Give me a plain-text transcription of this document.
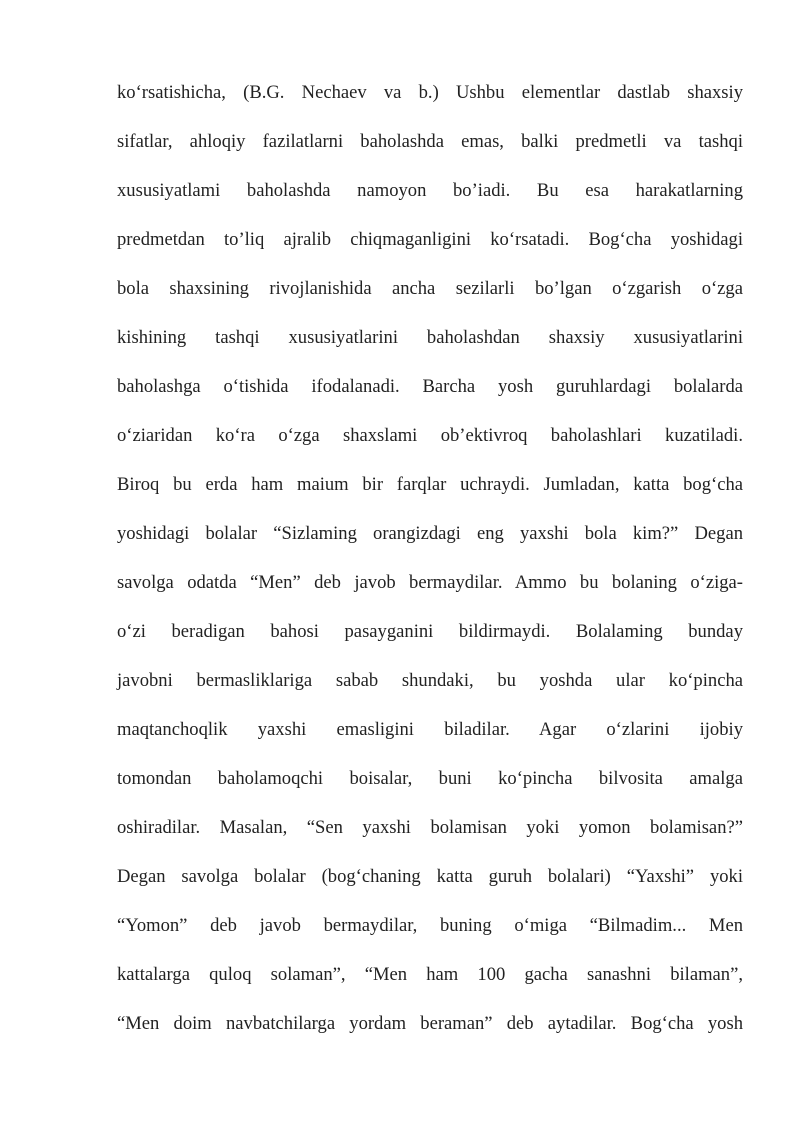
ko‘rsatishicha, (B.G. Nechaev va b.) Ushbu elementlar dastlab shaxsiy
sifatlar, ahloqiy fazilatlarni baholashda emas, balki predmetli va tashqi
xususiyatlami baholashda namoyon bo’iadi. Bu esa harakatlarning
predmetdan to’liq ajralib chiqmaganligini ko‘rsatadi. Bog‘cha yoshidagi
bola shaxsining rivojlanishida ancha sezilarli bo’lgan o‘zgarish o‘zga
kishining tashqi xususiyatlarini baholashdan shaxsiy xususiyatlarini
baholashga o‘tishida ifodalanadi. Barcha yosh guruhlardagi bolalarda
o‘ziaridan ko‘ra o‘zga shaxslami ob’ektivroq baholashlari kuzatiladi.
Biroq bu erda ham maium bir farqlar uchraydi. Jumladan, katta bog‘cha
yoshidagi bolalar “Sizlaming orangizdagi eng yaxshi bola kim?” Degan
savolga odatda “Men” deb javob bermaydilar. Ammo bu bolaning o‘ziga-
o‘zi beradigan bahosi pasayganini bildirmaydi. Bolalaming bunday
javobni bermasliklariga sabab shundaki, bu yoshda ular ko‘pincha
maqtanchoqlik yaxshi emasligini biladilar. Agar o‘zlarini ijobiy
tomondan baholamoqchi boisalar, buni ko‘pincha bilvosita amalga
oshiradilar. Masalan, “Sen yaxshi bolamisan yoki yomon bolamisan?”
Degan savolga bolalar (bog‘chaning katta guruh bolalari) “Yaxshi” yoki
“Yomon” deb javob bermaydilar, buning o‘miga “Bilmadim... Men
kattalarga quloq solaman”, “Men ham 100 gacha sanashni bilaman”,
“Men doim navbatchilarga yordam beraman” deb aytadilar. Bog‘cha yosh
